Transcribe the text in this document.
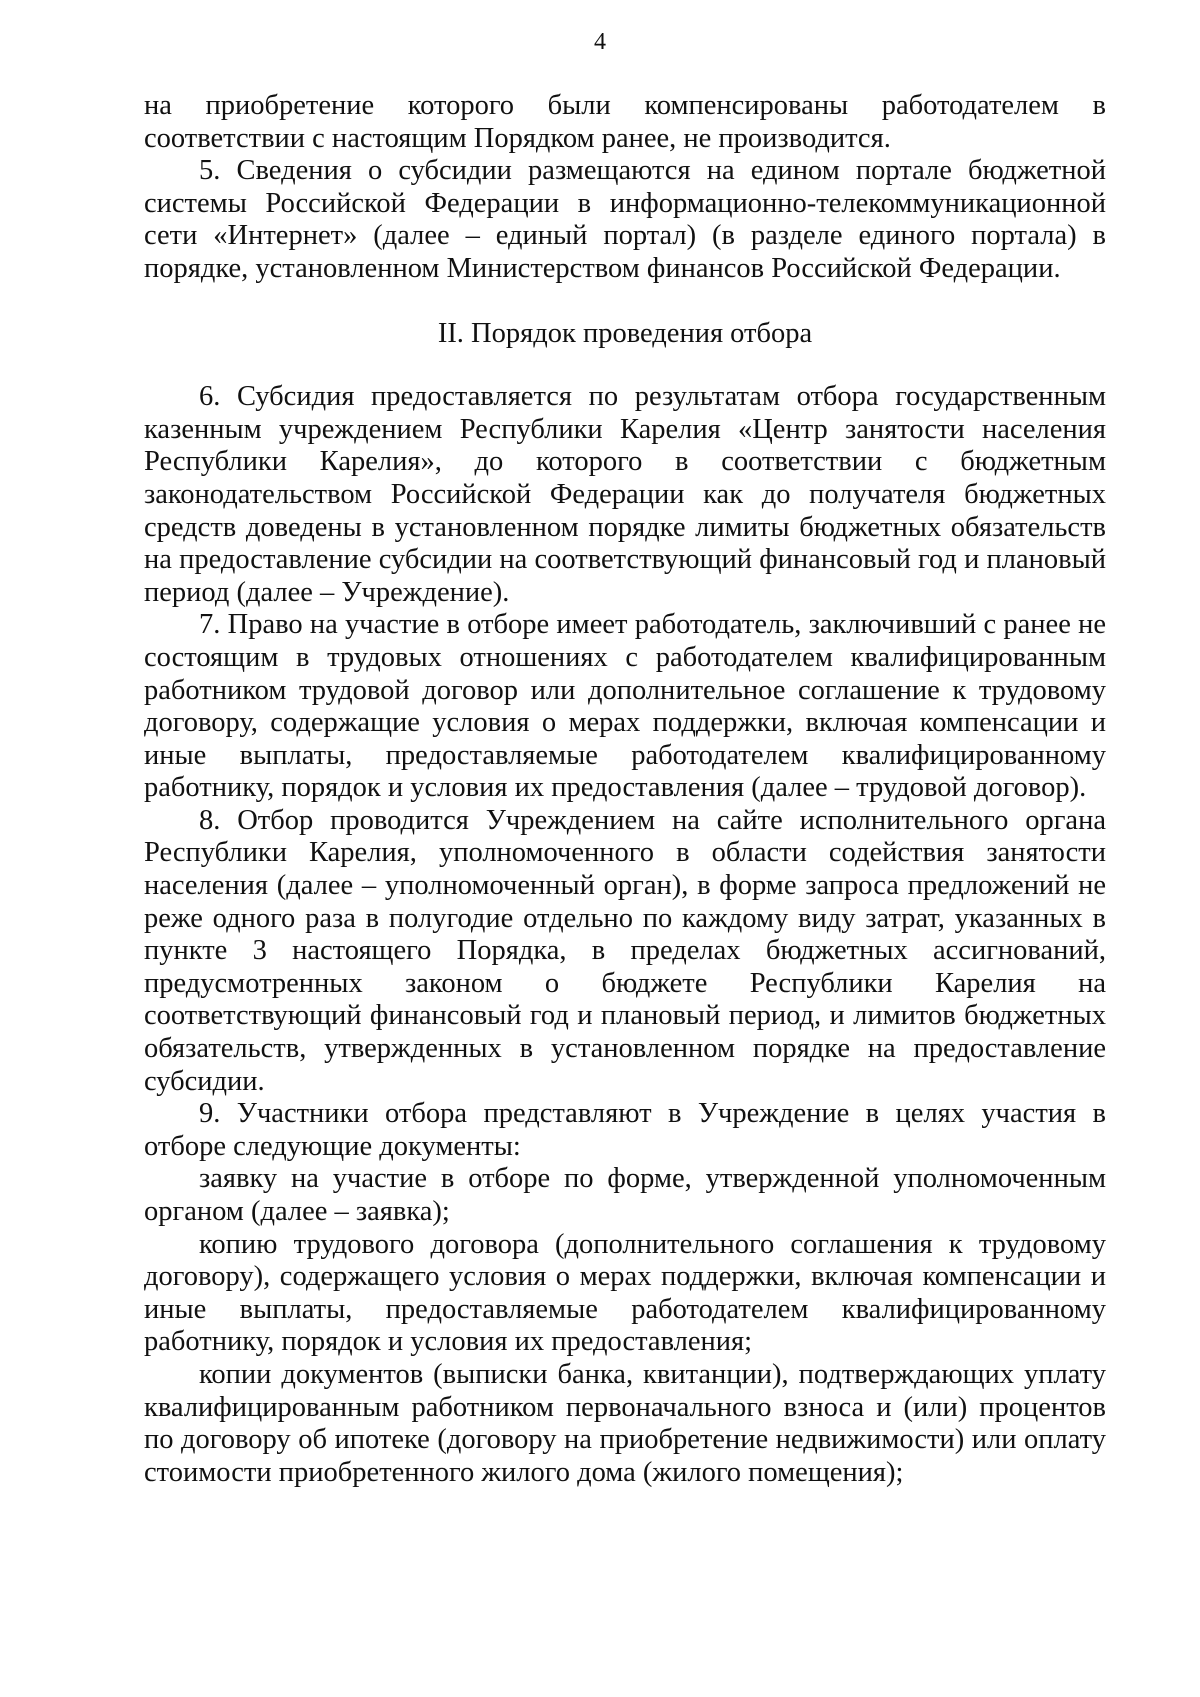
4

на приобретение которого были компенсированы работодателем в соответствии с настоящим Порядком ранее, не производится.

5. Сведения о субсидии размещаются на едином портале бюджетной системы Российской Федерации в информационно-телекоммуникационной сети «Интернет» (далее – единый портал) (в разделе единого портала) в порядке, установленном Министерством финансов Российской Федерации.

II. Порядок проведения отбора

6. Субсидия предоставляется по результатам отбора государственным казенным учреждением Республики Карелия «Центр занятости населения Республики Карелия», до которого в соответствии с бюджетным законодательством Российской Федерации как до получателя бюджетных средств доведены в установленном порядке лимиты бюджетных обязательств на предоставление субсидии на соответствующий финансовый год и плановый период (далее – Учреждение).

7. Право на участие в отборе имеет работодатель, заключивший с ранее не состоящим в трудовых отношениях с работодателем квалифицированным работником трудовой договор или дополнительное соглашение к трудовому договору, содержащие условия о мерах поддержки, включая компенсации и иные выплаты, предоставляемые работодателем квалифицированному работнику, порядок и условия их предоставления (далее – трудовой договор).

8. Отбор проводится Учреждением на сайте исполнительного органа Республики Карелия, уполномоченного в области содействия занятости населения (далее – уполномоченный орган), в форме запроса предложений не реже одного раза в полугодие отдельно по каждому виду затрат, указанных в пункте 3 настоящего Порядка, в пределах бюджетных ассигнований, предусмотренных законом о бюджете Республики Карелия на соответствующий финансовый год и плановый период, и лимитов бюджетных обязательств, утвержденных в установленном порядке на предоставление субсидии.

9. Участники отбора представляют в Учреждение в целях участия в отборе следующие документы:

заявку на участие в отборе по форме, утвержденной уполномоченным органом (далее – заявка);

копию трудового договора (дополнительного соглашения к трудовому договору), содержащего условия о мерах поддержки, включая компенсации и иные выплаты, предоставляемые работодателем квалифицированному работнику, порядок и условия их предоставления;

копии документов (выписки банка, квитанции), подтверждающих уплату квалифицированным работником первоначального взноса и (или) процентов по договору об ипотеке (договору на приобретение недвижимости) или оплату стоимости приобретенного жилого дома (жилого помещения);
